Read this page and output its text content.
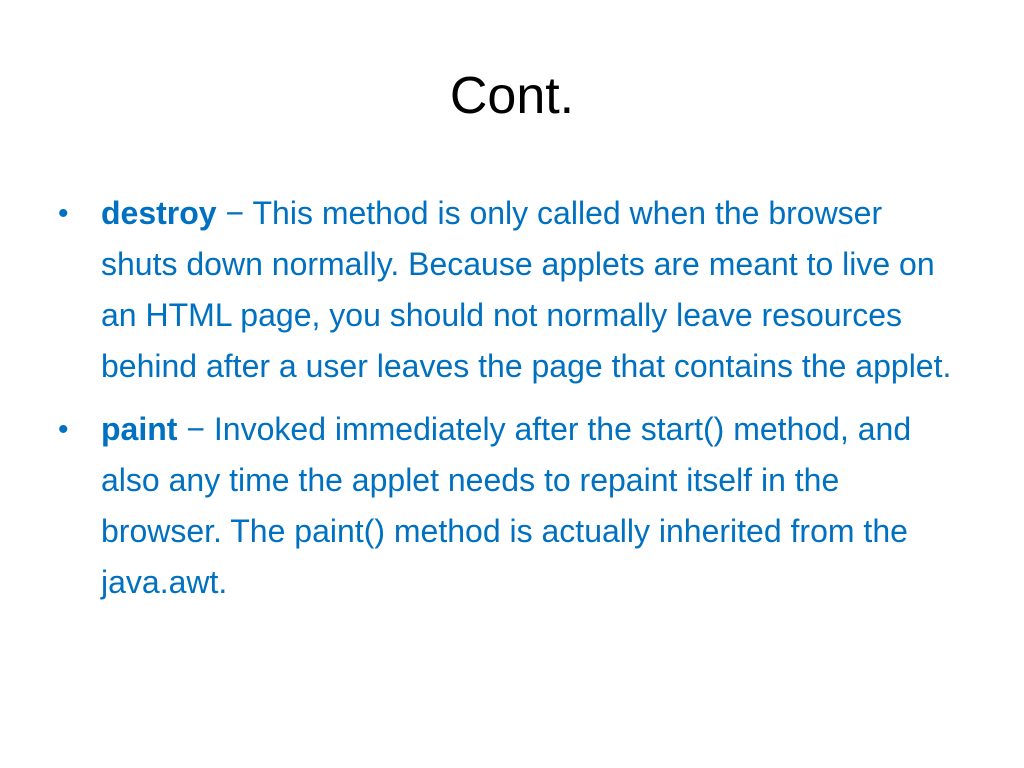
Cont.
• destroy − This method is only called when the browser shuts down normally. Because applets are meant to live on an HTML page, you should not normally leave resources behind after a user leaves the page that contains the applet.
• paint − Invoked immediately after the start() method, and also any time the applet needs to repaint itself in the browser. The paint() method is actually inherited from the java.awt.
